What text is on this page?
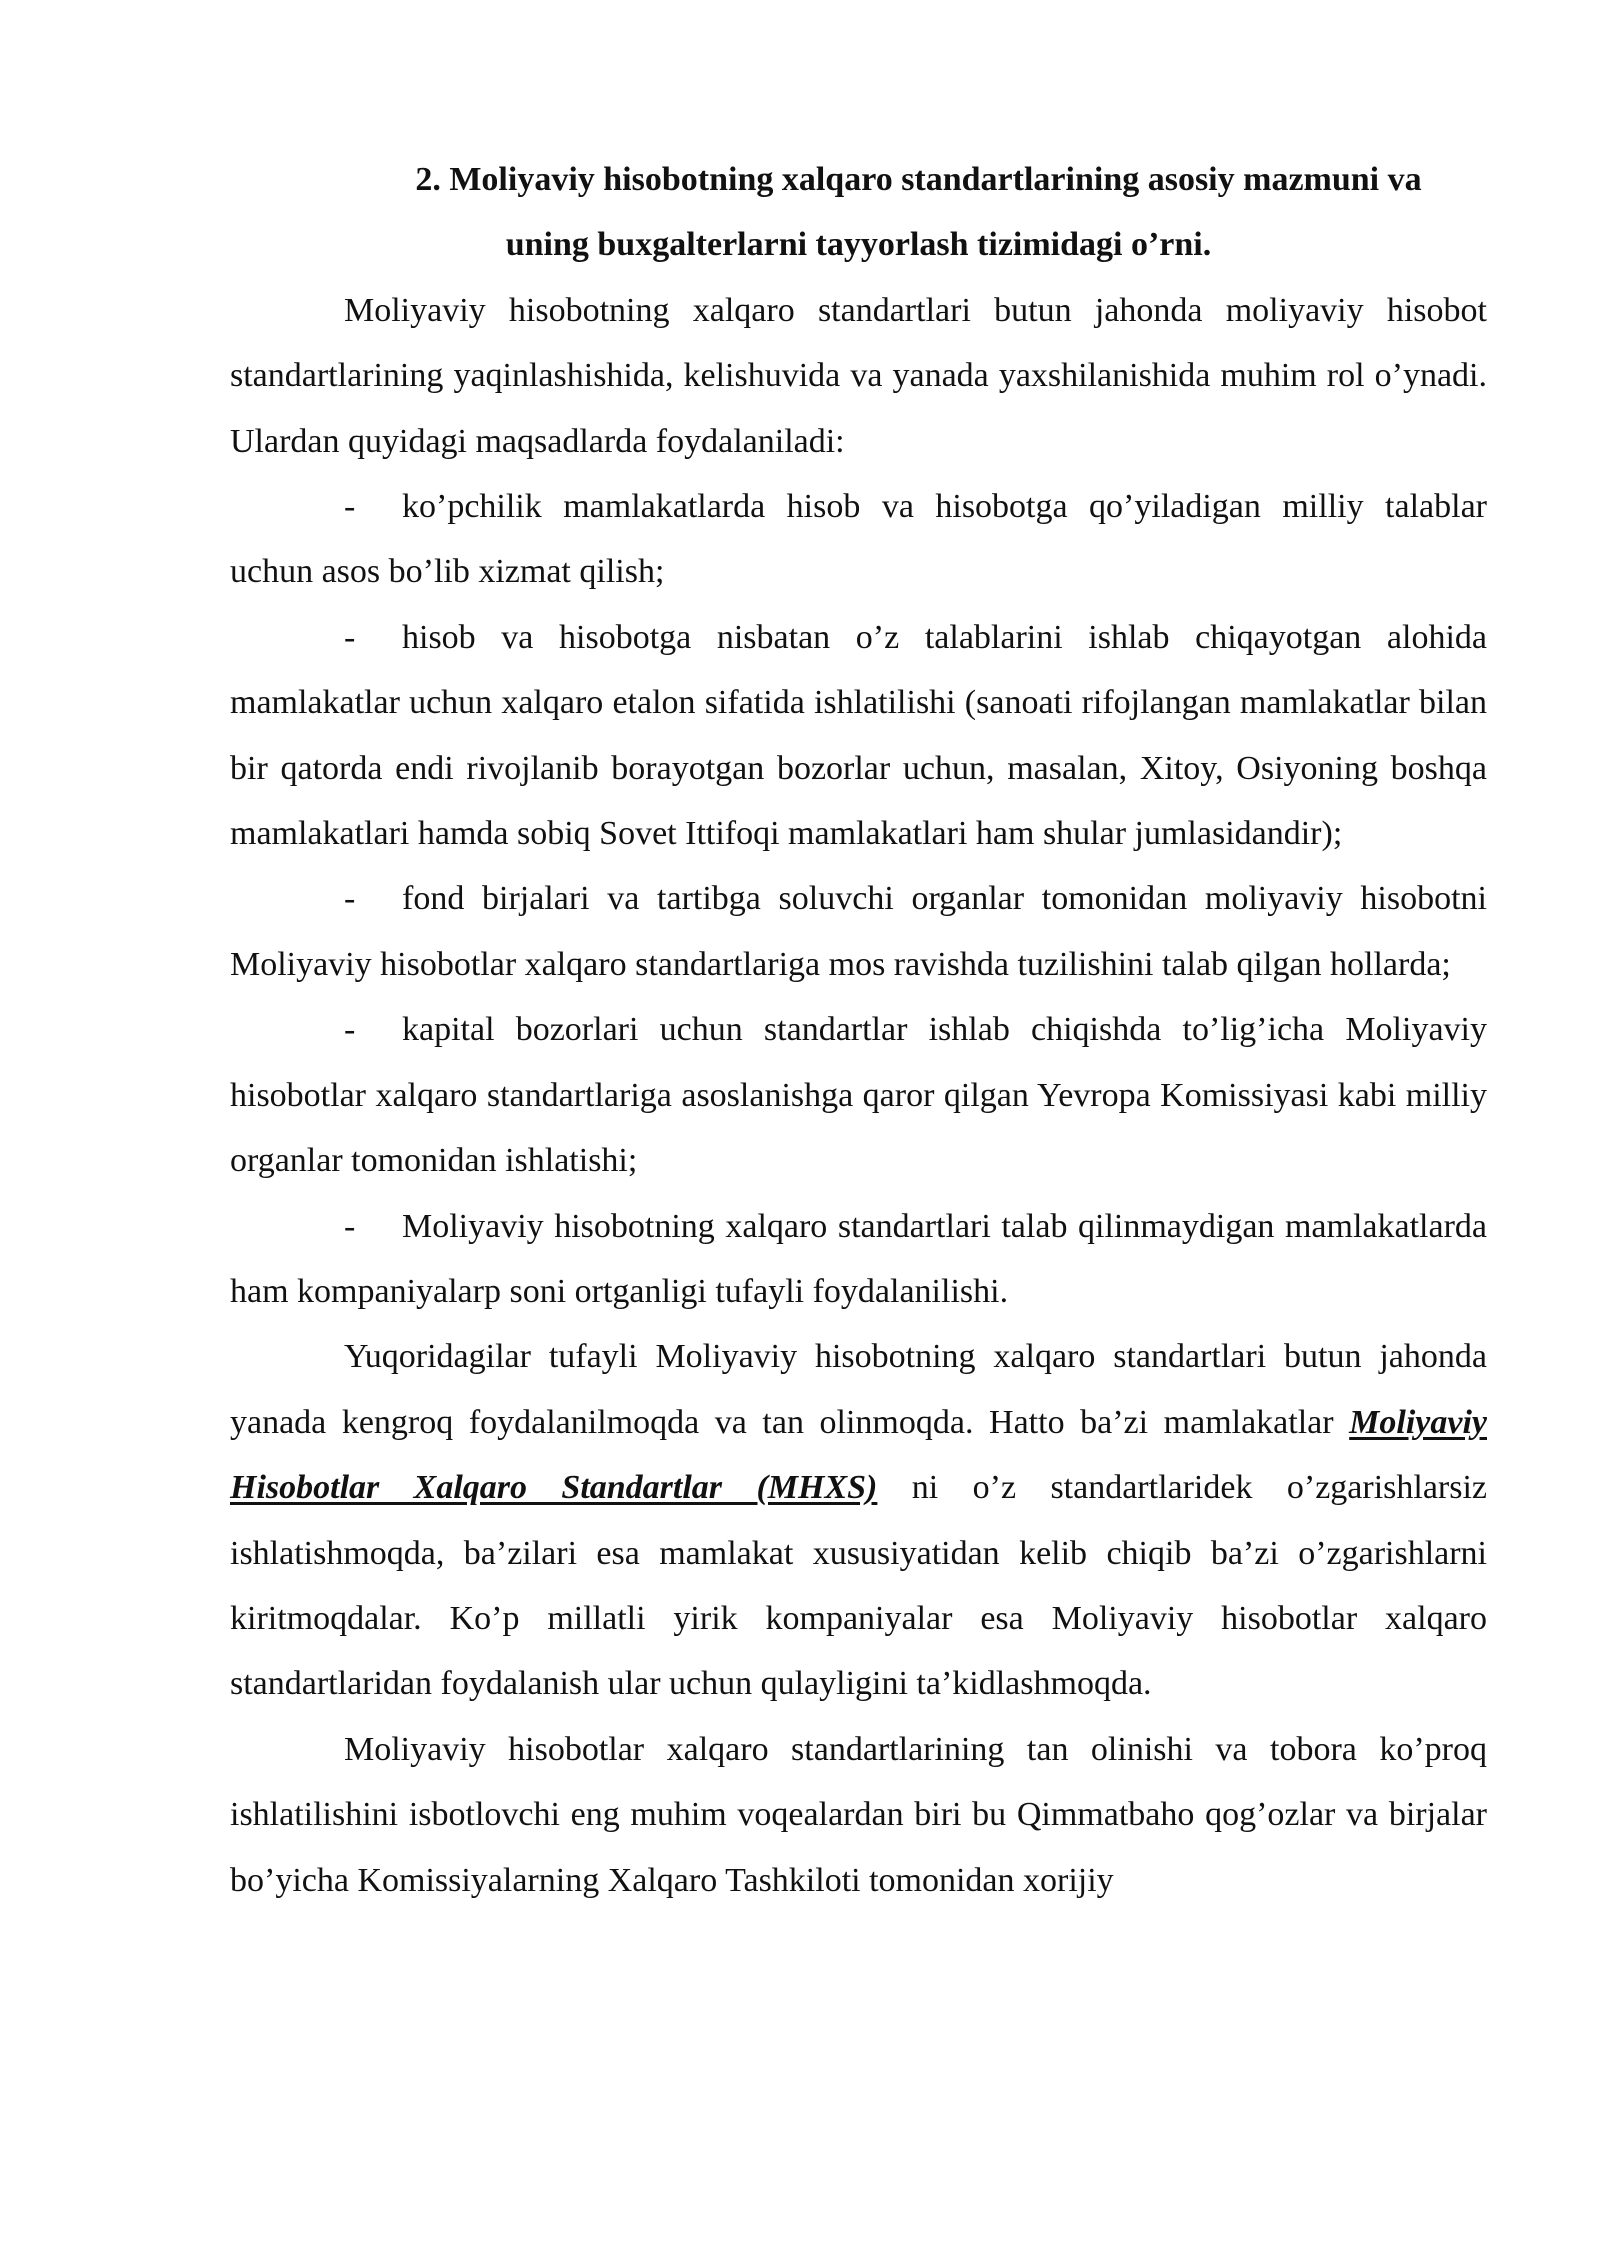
2. Moliyaviy hisobotning xalqaro standartlarining asosiy mazmuni va
uning buxgalterlarni tayyorlash tizimidagi o’rni.

Moliyaviy hisobotning xalqaro standartlari butun jahonda moliyaviy hisobot standartlarining yaqinlashishida, kelishuvida va yanada yaxshilanishida muhim rol o’ynadi. Ulardan quyidagi maqsadlarda foydalaniladi:

- ko’pchilik mamlakatlarda hisob va hisobotga qo’yiladigan milliy talablar uchun asos bo’lib xizmat qilish;

- hisob va hisobotga nisbatan o’z talablarini ishlab chiqayotgan alohida mamlakatlar uchun xalqaro etalon sifatida ishlatilishi (sanoati rifojlangan mamlakatlar bilan bir qatorda endi rivojlanib borayotgan bozorlar uchun, masalan, Xitoy, Osiyoning boshqa mamlakatlari hamda sobiq Sovet Ittifoqi mamlakatlari ham shular jumlasidandir);

- fond birjalari va tartibga soluvchi organlar tomonidan moliyaviy hisobotni Moliyaviy hisobotlar xalqaro standartlariga mos ravishda tuzilishini talab qilgan hollarda;

- kapital bozorlari uchun standartlar ishlab chiqishda to’lig’icha Moliyaviy hisobotlar xalqaro standartlariga asoslanishga qaror qilgan Yevropa Komissiyasi kabi milliy organlar tomonidan ishlatishi;

- Moliyaviy hisobotning xalqaro standartlari talab qilinmaydigan mamlakatlarda ham kompaniyalarp soni ortganligi tufayli foydalanilishi.

Yuqoridagilar tufayli Moliyaviy hisobotning xalqaro standartlari butun jahonda yanada kengroq foydalanilmoqda va tan olinmoqda. Hatto ba’zi mamlakatlar Moliyaviy Hisobotlar Xalqaro Standartlar (MHXS) ni o’z standartlaridek o’zgarishlarsiz ishlatishmoqda, ba’zilari esa mamlakat xususiyatidan kelib chiqib ba’zi o’zgarishlarni kiritmoqdalar. Ko’p millatli yirik kompaniyalar esa Moliyaviy hisobotlar xalqaro standartlaridan foydalanish ular uchun qulayligini ta’kidlashmoqda.

Moliyaviy hisobotlar xalqaro standartlarining tan olinishi va tobora ko’proq ishlatilishini isbotlovchi eng muhim voqealardan biri bu Qimmatbaho qog’ozlar va birjalar bo’yicha Komissiyalarning Xalqaro Tashkiloti tomonidan xorijiy
